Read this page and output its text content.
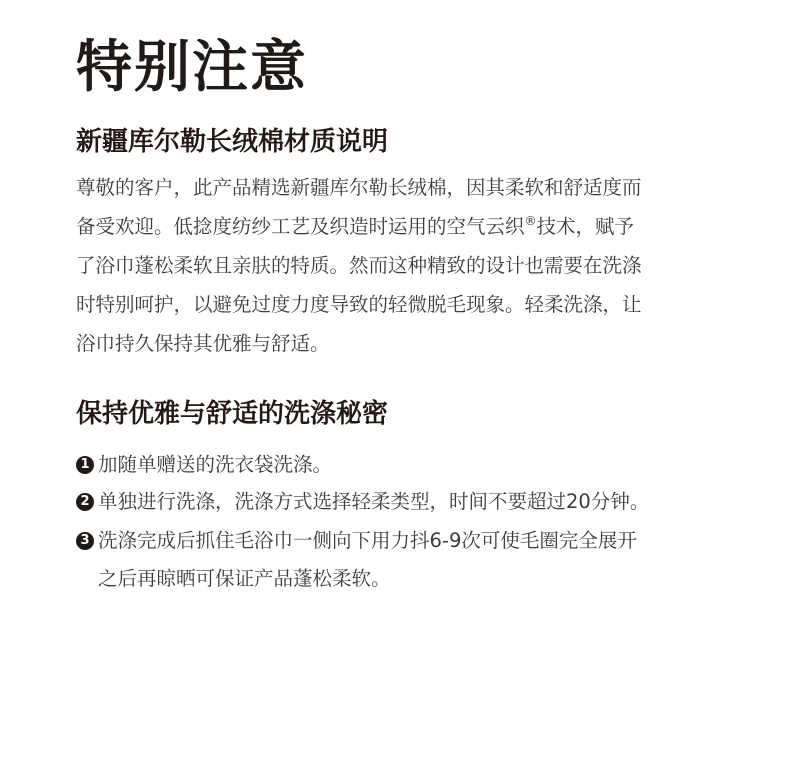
特别注意
新疆库尔勒长绒棉材质说明
尊敬的客户，此产品精选新疆库尔勒长绒棉，因其柔软和舒适度而
备受欢迎。低捻度纺纱工艺及织造时运用的空气云织®技术，赋予
了浴巾蓬松柔软且亲肤的特质。然而这种精致的设计也需要在洗涤
时特别呵护，以避免过度力度导致的轻微脱毛现象。轻柔洗涤，让
浴巾持久保持其优雅与舒适。
保持优雅与舒适的洗涤秘密
1 加随单赠送的洗衣袋洗涤。
2 单独进行洗涤，洗涤方式选择轻柔类型，时间不要超过20分钟。
3 洗涤完成后抓住毛浴巾一侧向下用力抖6-9次可使毛圈完全展开
之后再晾晒可保证产品蓬松柔软。
